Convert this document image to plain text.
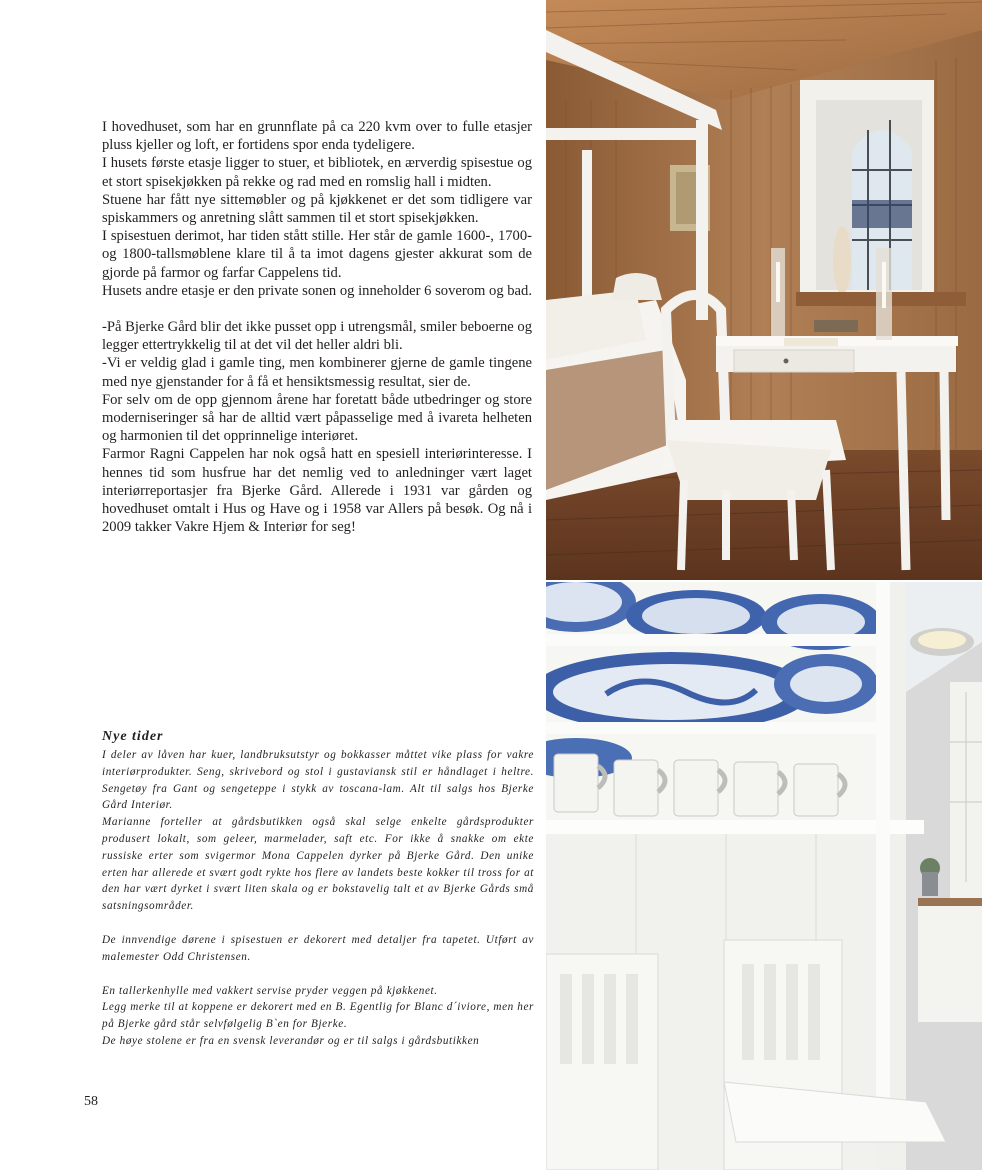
I hovedhuset, som har en grunnflate på ca 220 kvm over to fulle etasjer pluss kjeller og loft, er fortidens spor enda tydeligere.

I husets første etasje ligger to stuer, et bibliotek, en ærverdig spisestue og et stort spisekjøkken på rekke og rad med en romslig hall i midten.

Stuene har fått nye sittemøbler og på kjøkkenet er det som tidligere var spiskammers og anretning slått sammen til et stort spisekjøkken.

I spisestuen derimot, har tiden stått stille. Her står de gamle 1600-, 1700- og 1800-tallsmøblene klare til å ta imot dagens gjester akkurat som de gjorde på farmor og farfar Cappelens tid.

Husets andre etasje er den private sonen og inneholder 6 soverom og bad.

-På Bjerke Gård blir det ikke pusset opp i utrengsmål, smiler beboerne og legger ettertrykkelig til at det vil det heller aldri bli.

-Vi er veldig glad i gamle ting, men kombinerer gjerne de gamle tingene med nye gjenstander for å få et hensiktsmessig resultat, sier de.

For selv om de opp gjennom årene har foretatt både utbedringer og store moderniseringer så har de alltid vært påpasselige med å ivareta helheten og harmonien til det opprinnelige interiøret.

Farmor Ragni Cappelen har nok også hatt en spesiell interiørinteresse. I hennes tid som husfrue har det nemlig ved to anledninger vært laget interiørreportasjer fra Bjerke Gård. Allerede i 1931 var gården og hovedhuset omtalt i Hus og Have og i 1958 var Allers på besøk. Og nå i 2009 takker Vakre Hjem & Interiør for seg!

Nye tider

I deler av låven har kuer, landbruksutstyr og bokkasser måttet vike plass for vakre interiørprodukter. Seng, skrivebord og stol i gustaviansk stil er håndlaget i heltre. Sengetøy fra Gant og sengeteppe i stykk av toscana-lam. Alt til salgs hos Bjerke Gård Interiør.

Marianne forteller at gårdsbutikken også skal selge enkelte gårdsprodukter produsert lokalt, som geleer, marmelader, saft etc. For ikke å snakke om ekte russiske erter som svigermor Mona Cappelen dyrker på Bjerke Gård. Den unike erten har allerede et svært godt rykte hos flere av landets beste kokker til tross for at den har vært dyrket i svært liten skala og er bokstavelig talt et av Bjerke Gårds små satsningsområder.

De innvendige dørene i spisestuen er dekorert med detaljer fra tapetet. Utført av malemester Odd Christensen.

En tallerkenhylle med vakkert servise pryder veggen på kjøkkenet.

Legg merke til at koppene er dekorert med en B. Egentlig for Blanc d´iviore, men her på Bjerke gård står selvfølgelig B`en for Bjerke.

De høye stolene er fra en svensk leverandør og er til salgs i gårdsbutikken

58
